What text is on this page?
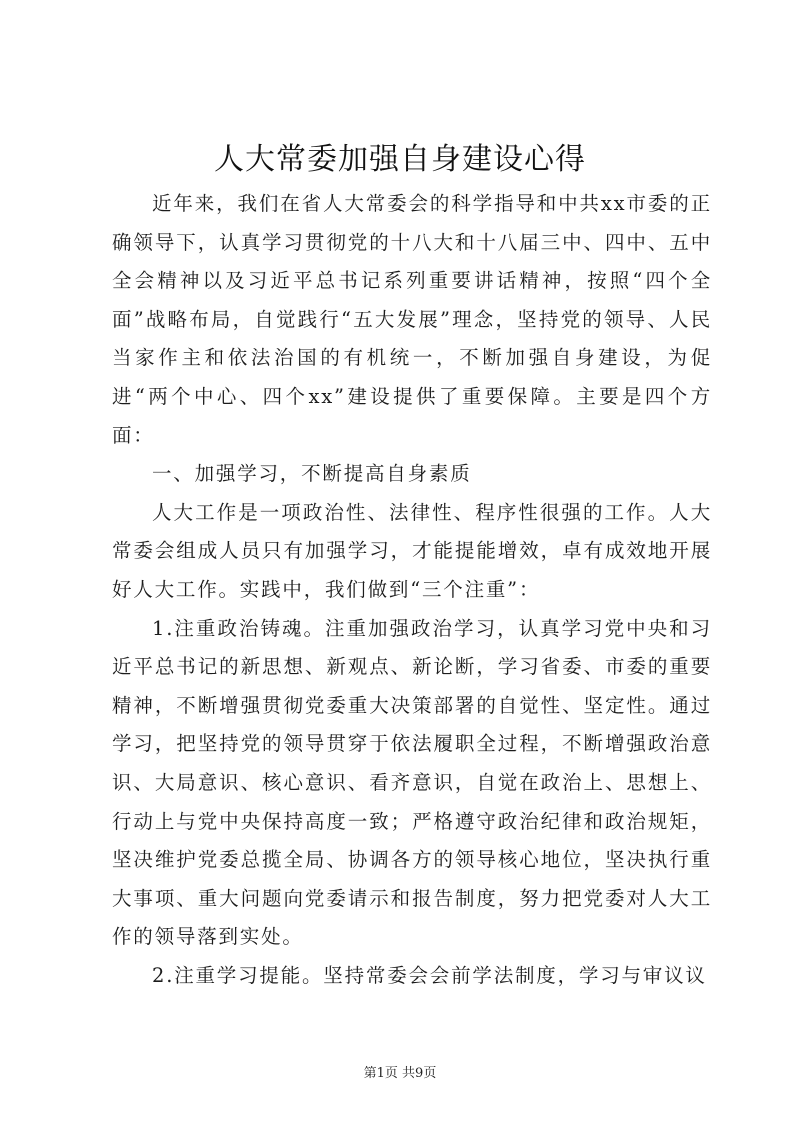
人大常委加强自身建设心得

近年来，我们在省人大常委会的科学指导和中共xx市委的正确领导下，认真学习贯彻党的十八大和十八届三中、四中、五中全会精神以及习近平总书记系列重要讲话精神，按照“四个全面”战略布局，自觉践行“五大发展”理念，坚持党的领导、人民当家作主和依法治国的有机统一，不断加强自身建设，为促进“两个中心、四个xx”建设提供了重要保障。主要是四个方面：

一、加强学习，不断提高自身素质

人大工作是一项政治性、法律性、程序性很强的工作。人大常委会组成人员只有加强学习，才能提能增效，卓有成效地开展好人大工作。实践中，我们做到“三个注重”：

1.注重政治铸魂。注重加强政治学习，认真学习党中央和习近平总书记的新思想、新观点、新论断，学习省委、市委的重要精神，不断增强贯彻党委重大决策部署的自觉性、坚定性。通过学习，把坚持党的领导贯穿于依法履职全过程，不断增强政治意识、大局意识、核心意识、看齐意识，自觉在政治上、思想上、行动上与党中央保持高度一致；严格遵守政治纪律和政治规矩，坚决维护党委总揽全局、协调各方的领导核心地位，坚决执行重大事项、重大问题向党委请示和报告制度，努力把党委对人大工作的领导落到实处。

2.注重学习提能。坚持常委会会前学法制度，学习与审议议

第1页 共9页
